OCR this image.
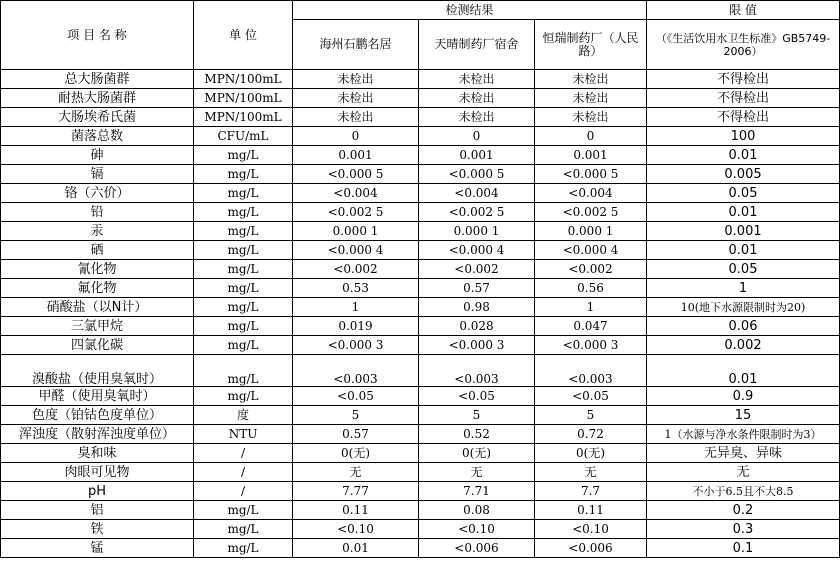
项 目 名 称	单 位	检测结果			限 值
		海州石鹏名居	天晴制药厂宿舍	恒瑞制药厂（人民路）	（《生活饮用水卫生标准》GB5749-2006）
总大肠菌群	MPN/100mL	未检出	未检出	未检出	不得检出
耐热大肠菌群	MPN/100mL	未检出	未检出	未检出	不得检出
大肠埃希氏菌	MPN/100mL	未检出	未检出	未检出	不得检出
菌落总数	CFU/mL	0	0	0	100
砷	mg/L	0.001	0.001	0.001	0.01
镉	mg/L	<0.000 5	<0.000 5	<0.000 5	0.005
铬（六价）	mg/L	<0.004	<0.004	<0.004	0.05
铅	mg/L	<0.002 5	<0.002 5	<0.002 5	0.01
汞	mg/L	0.000 1	0.000 1	0.000 1	0.001
硒	mg/L	<0.000 4	<0.000 4	<0.000 4	0.01
氰化物	mg/L	<0.002	<0.002	<0.002	0.05
氟化物	mg/L	0.53	0.57	0.56	1
硝酸盐（以N计）	mg/L	1	0.98	1	10(地下水源限制时为20)
三氯甲烷	mg/L	0.019	0.028	0.047	0.06
四氯化碳	mg/L	<0.000 3	<0.000 3	<0.000 3	0.002
溴酸盐（使用臭氧时）	mg/L	<0.003	<0.003	<0.003	0.01
甲醛（使用臭氧时）	mg/L	<0.05	<0.05	<0.05	0.9
色度（铂钴色度单位）	度	5	5	5	15
浑浊度（散射浑浊度单位）	NTU	0.57	0.52	0.72	1（水源与净水条件限制时为3）
臭和味	/	0(无)	0(无)	0(无)	无异臭、异味
肉眼可见物	/	无	无	无	无
pH	/	7.77	7.71	7.7	不小于6.5且不大8.5
铝	mg/L	0.11	0.08	0.11	0.2
铁	mg/L	<0.10	<0.10	<0.10	0.3
锰	mg/L	0.01	<0.006	<0.006	0.1
